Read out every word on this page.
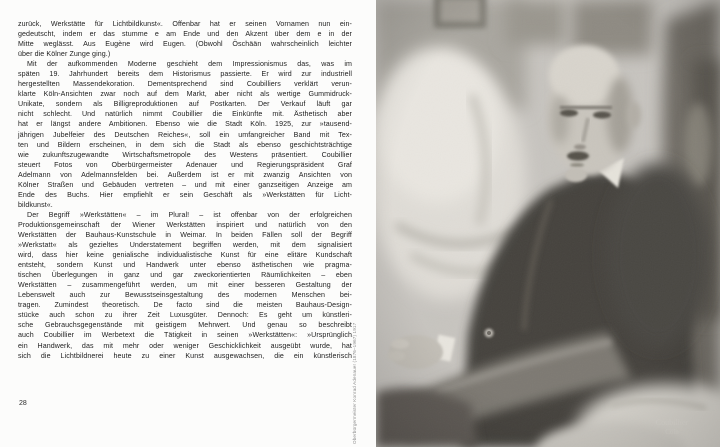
zurück, Werkstätte für Lichtbildkunst«. Offenbar hat er seinen Vornamen nun ein-
gedeutscht, indem er das stumme e am Ende und den Akzent über dem e in der
Mitte weglässt. Aus Eugène wird Eugen. (Obwohl Öschään wahrscheinlich leichter
über die Kölner Zunge ging.)
Mit der aufkommenden Moderne geschieht dem Impressionismus das, was im
späten 19. Jahrhundert bereits dem Historismus passierte. Er wird zur industriell
hergestellten Massendekoration. Dementsprechend sind Coubilliers verklärt verun-
klarte Köln-Ansichten zwar noch auf dem Markt, aber nicht als wertige Gummidruck-
Unikate, sondern als Billigreproduktionen auf Postkarten. Der Verkauf läuft gar
nicht schlecht. Und natürlich nimmt Coubillier die Einkünfte mit. Ästhetisch aber
hat er längst andere Ambitionen. Ebenso wie die Stadt Köln. 1925, zur »tausend-
jährigen Jubelfeier des Deutschen Reiches«, soll ein umfangreicher Band mit Tex-
ten und Bildern erscheinen, in dem sich die Stadt als ebenso geschichtsträchtige
wie zukunftszugewandte Wirtschaftsmetropole des Westens präsentiert. Coubillier
steuert Fotos von Oberbürgermeister Adenauer und Regierungspräsident Graf
Adelmann von Adelmannsfelden bei. Außerdem ist er mit zwanzig Ansichten von
Kölner Straßen und Gebäuden vertreten – und mit einer ganzseitigen Anzeige am
Ende des Buchs. Hier empfiehlt er sein Geschäft als »Werkstätten für Licht-
bildkunst«.
Der Begriff »Werkstätten« – im Plural! – ist offenbar von der erfolgreichen
Produktionsgemeinschaft der Wiener Werkstätten inspiriert und natürlich von den
Werkstätten der Bauhaus-Kunstschule in Weimar. In beiden Fällen soll der Begriff
»Werkstatt« als gezieltes Understatement begriffen werden, mit dem signalisiert
wird, dass hier keine genialische individualistische Kunst für eine elitäre Kundschaft
entsteht, sondern Kunst und Handwerk unter ebenso ästhetischen wie pragma-
tischen Überlegungen in ganz und gar zweckorientierten Räumlichkeiten – eben
Werkstätten – zusammengeführt werden, um mit einer besseren Gestaltung der
Lebenswelt auch zur Bewusstseinsgestaltung des modernen Menschen bei-
tragen. Zumindest theoretisch. De facto sind die meisten Bauhaus-Design-
stücke auch schon zu ihrer Zeit Luxusgüter. Dennoch: Es geht um künstleri-
sche Gebrauchsgegenstände mit geistigem Mehrwert. Und genau so beschreibt
auch Coubillier im Werbetext die Tätigkeit in seinen »Werkstätten«: »Ursprünglich
ein Handwerk, das mit mehr oder weniger Geschicklichkeit ausgeübt wurde, hat
sich die Lichtbildnerei heute zu einer Kunst ausgewachsen, die ein künstlerisch
28	Oberbürgermeister Konrad Adenauer (1876–1967) 1917
